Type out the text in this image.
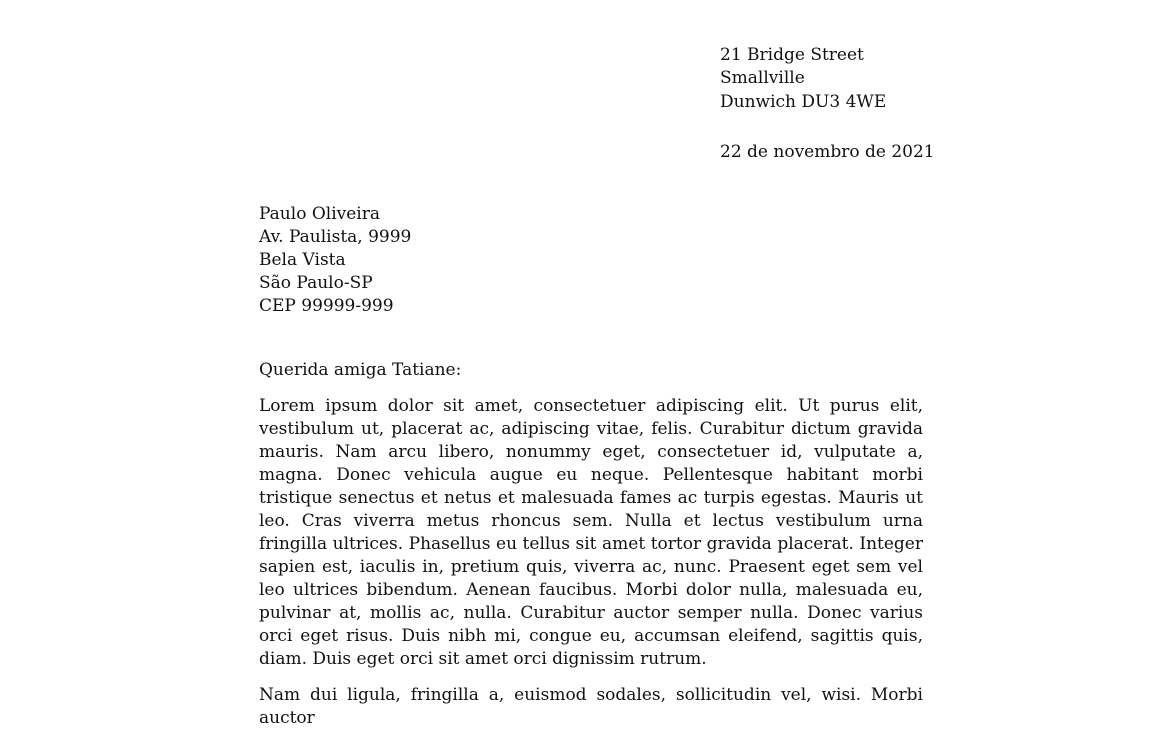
21 Bridge Street
Smallville
Dunwich DU3 4WE
22 de novembro de 2021
Paulo Oliveira
Av. Paulista, 9999
Bela Vista
São Paulo-SP
CEP 99999-999

Querida amiga Tatiane:

Lorem ipsum dolor sit amet, consectetuer adipiscing elit. Ut purus elit, vestibulum ut, placerat ac, adipiscing vitae, felis. Curabitur dictum gravida mauris. Nam arcu libero, nonummy eget, consectetuer id, vulputate a, magna. Donec vehicula augue eu neque. Pellentesque habitant morbi tristique senectus et netus et malesuada fames ac turpis egestas. Mauris ut leo. Cras viverra metus rhoncus sem. Nulla et lectus vestibulum urna fringilla ultrices. Phasellus eu tellus sit amet tortor gravida placerat. Integer sapien est, iaculis in, pretium quis, viverra ac, nunc. Praesent eget sem vel leo ultrices bibendum. Aenean faucibus. Morbi dolor nulla, malesuada eu, pulvinar at, mollis ac, nulla. Curabitur auctor semper nulla. Donec varius orci eget risus. Duis nibh mi, congue eu, accumsan eleifend, sagittis quis, diam. Duis eget orci sit amet orci dignissim rutrum.

Nam dui ligula, fringilla a, euismod sodales, sollicitudin vel, wisi. Morbi auctor
